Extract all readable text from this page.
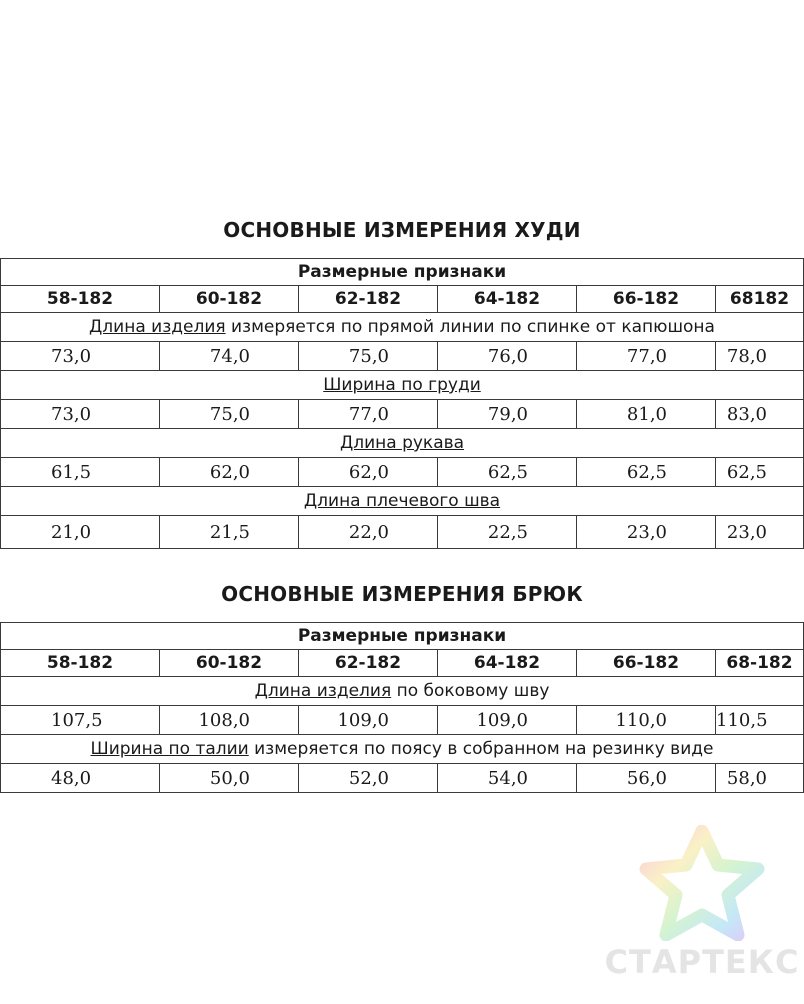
ОСНОВНЫЕ ИЗМЕРЕНИЯ ХУДИ
Размерные признаки					
58-182	60-182	62-182	64-182	66-182	68182
Длина изделия измеряется по прямой линии по спинке от капюшона					
73,0	74,0	75,0	76,0	77,0	78,0
Ширина по груди					
73,0	75,0	77,0	79,0	81,0	83,0
Длина рукава					
61,5	62,0	62,0	62,5	62,5	62,5
Длина плечевого шва					
21,0	21,5	22,0	22,5	23,0	23,0
ОСНОВНЫЕ ИЗМЕРЕНИЯ БРЮК
Размерные признаки					
58-182	60-182	62-182	64-182	66-182	68-182
Длина изделия по боковому шву					
107,5	108,0	109,0	109,0	110,0	110,5
Ширина по талии измеряется по поясу в собранном на резинку виде					
48,0	50,0	52,0	54,0	56,0	58,0
СТАРТЕКС
